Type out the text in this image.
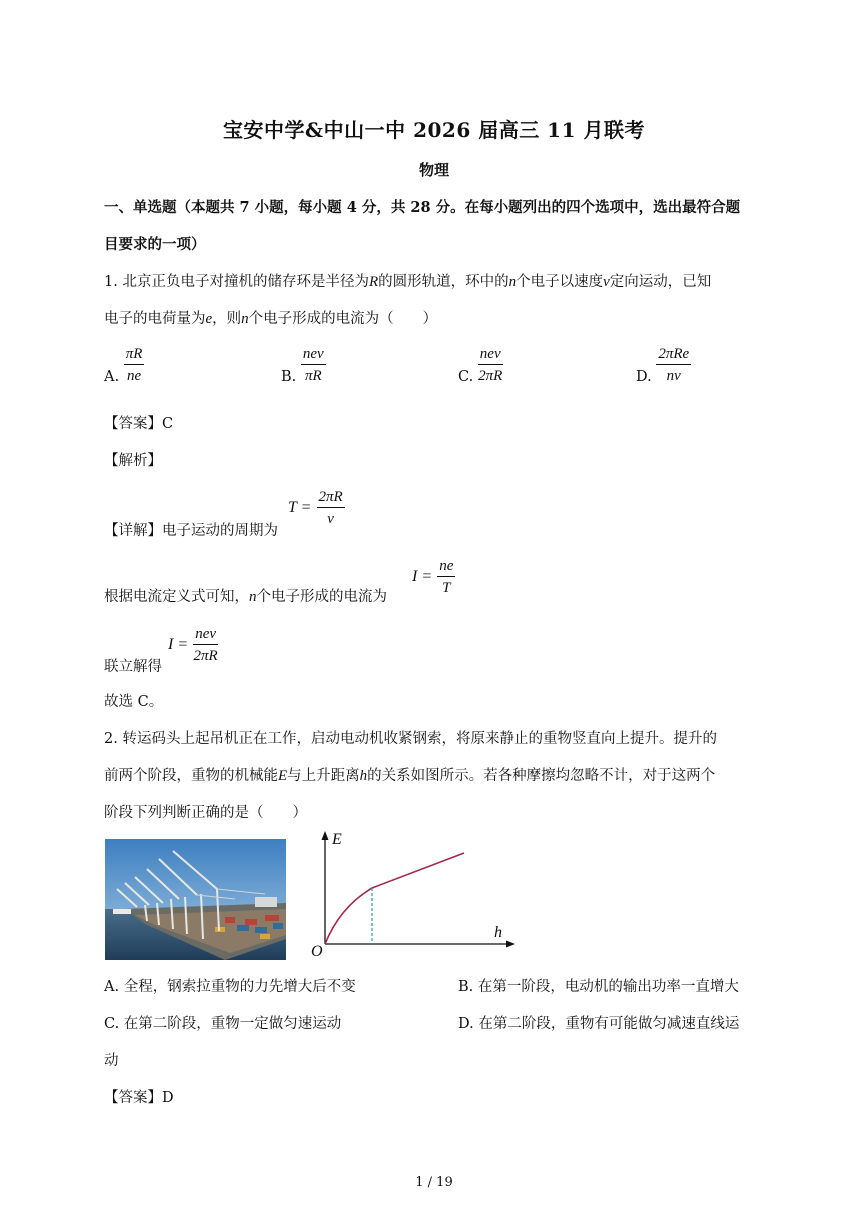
宝安中学&中山一中 2026 届高三 11 月联考
物理
一、单选题（本题共 7 小题，每小题 4 分，共 28 分。在每小题列出的四个选项中，选出最符合题
目要求的一项）
1. 北京正负电子对撞机的储存环是半径为R的圆形轨道，环中的n个电子以速度v定向运动，已知
电子的电荷量为e，则n个电子形成的电流为（　　）
A. $\frac{\pi R}{ne}$	B. $\frac{\text{nev}}{\pi R}$	C. $\frac{\text{nev}}{2\pi R}$	D. $\frac{\text{2πRe}}{nv}$
【答案】C
【解析】
【详解】电子运动的周期为
$T = \frac{2\pi R}{v}$
根据电流定义式可知，n个电子形成的电流为
$I = \frac{ne}{T}$
联立解得
$I = \frac{\text{nev}}{2\pi R}$
故选 C。
2. 转运码头上起吊机正在工作，启动电动机收紧钢索，将原来静止的重物竖直向上提升。提升的
前两个阶段，重物的机械能E与上升距离h的关系如图所示。若各种摩擦均忽略不计，对于这两个
阶段下列判断正确的是（　　）
E
h
O
A. 全程，钢索拉重物的力先增大后不变	B. 在第一阶段，电动机的输出功率一直增大
C. 在第二阶段，重物一定做匀速运动	D. 在第二阶段，重物有可能做匀减速直线运
动
【答案】D
1 / 19
